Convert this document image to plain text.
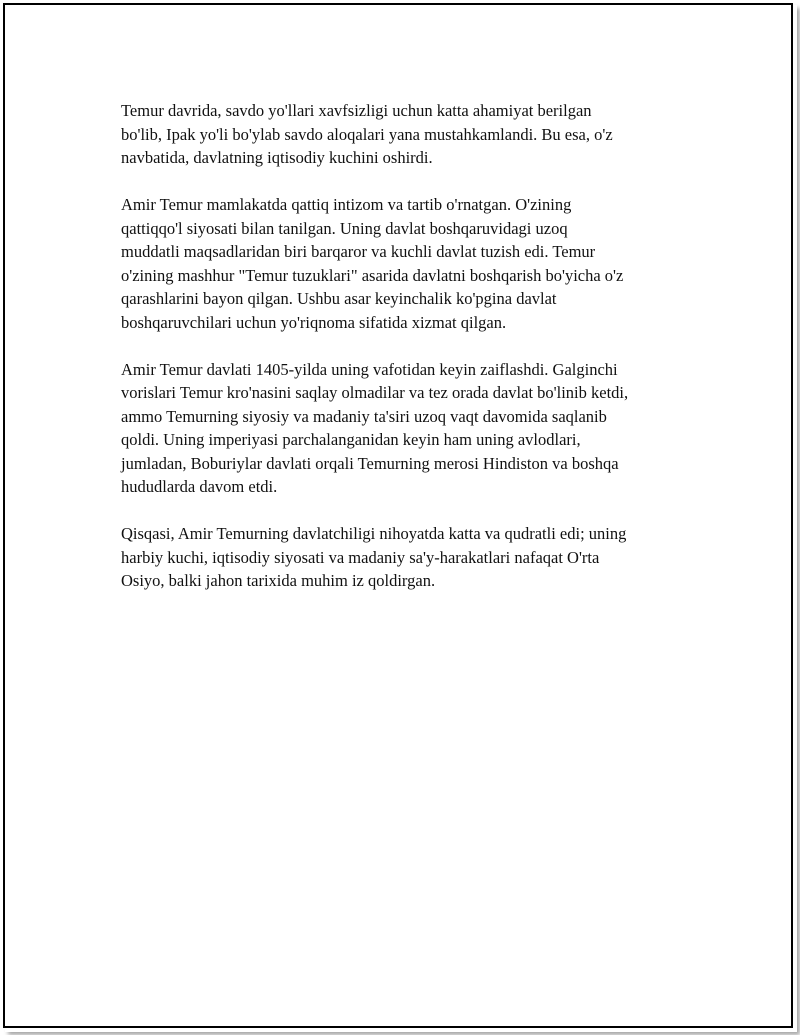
Temur davrida, savdo yo'llari xavfsizligi uchun katta ahamiyat berilgan
bo'lib, Ipak yo'li bo'ylab savdo aloqalari yana mustahkamlandi. Bu esa, o'z
navbatida, davlatning iqtisodiy kuchini oshirdi.

Amir Temur mamlakatda qattiq intizom va tartib o'rnatgan. O'zining
qattiqqo'l siyosati bilan tanilgan. Uning davlat boshqaruvidagi uzoq
muddatli maqsadlaridan biri barqaror va kuchli davlat tuzish edi. Temur
o'zining mashhur "Temur tuzuklari" asarida davlatni boshqarish bo'yicha o'z
qarashlarini bayon qilgan. Ushbu asar keyinchalik ko'pgina davlat
boshqaruvchilari uchun yo'riqnoma sifatida xizmat qilgan.

Amir Temur davlati 1405-yilda uning vafotidan keyin zaiflashdi. Galginchi
vorislari Temur kro'nasini saqlay olmadilar va tez orada davlat bo'linib ketdi,
ammo Temurning siyosiy va madaniy ta'siri uzoq vaqt davomida saqlanib
qoldi. Uning imperiyasi parchalanganidan keyin ham uning avlodlari,
jumladan, Boburiylar davlati orqali Temurning merosi Hindiston va boshqa
hududlarda davom etdi.

Qisqasi, Amir Temurning davlatchiligi nihoyatda katta va qudratli edi; uning
harbiy kuchi, iqtisodiy siyosati va madaniy sa'y-harakatlari nafaqat O'rta
Osiyo, balki jahon tarixida muhim iz qoldirgan.
